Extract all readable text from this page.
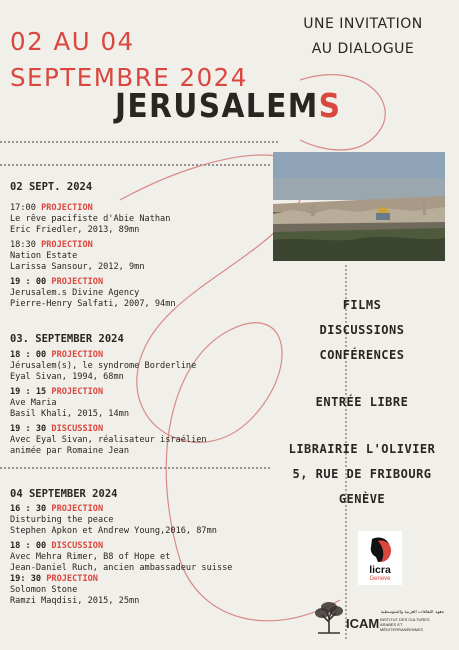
02 AU 04
SEPTEMBRE 2024
UNE INVITATION
AU DIALOGUE
JERUSALEMS
02 SEPT. 2024
17:00 PROJECTION
Le rêve pacifiste d'Abie Nathan
Eric Friedler, 2013, 89mn
18:30 PROJECTION
Nation Estate
Larissa Sansour, 2012, 9mn
19 : 00 PROJECTION
Jerusalem.s Divine Agency
Pierre-Henry Salfati, 2007, 94mn
03. SEPTEMBER 2024
18 : 00 PROJECTION
Jérusalem(s), le syndrome Borderline
Eyal Sivan, 1994, 68mn
19 : 15 PROJECTION
Ave Maria
Basil Khali, 2015, 14mn
19 : 30 DISCUSSION
Avec Eyal Sivan, réalisateur israélien
animée par Romaine Jean
04 SEPTEMBER 2024
16 : 30 PROJECTION
Disturbing the peace
Stephen Apkon et Andrew Young,2016, 87mn
18 : 00 DISCUSSION
Avec Mehra Rimer, B8 of Hope et
Jean-Daniel Ruch, ancien ambassadeur suisse
19: 30 PROJECTION
Solomon Stone
Ramzi Maqdisi, 2015, 25mn
FILMS
DISCUSSIONS
CONFÉRENCES
ENTRÉE LIBRE
LIBRAIRIE L'OLIVIER
5, RUE DE FRIBOURG
GENÈVE
licra
Genève
ICAM
معهد الثقافات العربية والمتوسطية
INSTITUT DES CULTURES ARABES ET MÉDITERRANÉENNES
